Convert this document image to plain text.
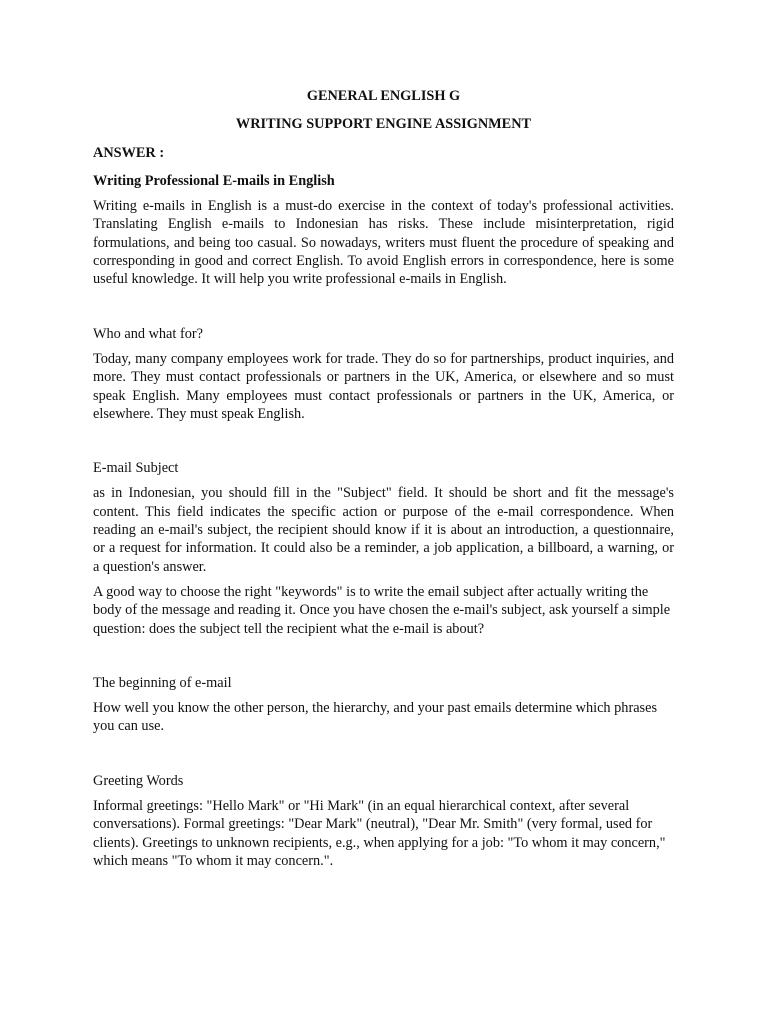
GENERAL ENGLISH G
WRITING SUPPORT ENGINE ASSIGNMENT
ANSWER :
Writing Professional E-mails in English

Writing e-mails in English is a must-do exercise in the context of today's professional activities. Translating English e-mails to Indonesian has risks. These include misinterpretation, rigid formulations, and being too casual. So nowadays, writers must fluent the procedure of speaking and corresponding in good and correct English. To avoid English errors in correspondence, here is some useful knowledge. It will help you write professional e-mails in English.

Who and what for?

Today, many company employees work for trade. They do so for partnerships, product inquiries, and more. They must contact professionals or partners in the UK, America, or elsewhere and so must speak English. Many employees must contact professionals or partners in the UK, America, or elsewhere. They must speak English.

E-mail Subject

as in Indonesian, you should fill in the "Subject" field. It should be short and fit the message's content. This field indicates the specific action or purpose of the e-mail correspondence. When reading an e-mail's subject, the recipient should know if it is about an introduction, a questionnaire, or a request for information. It could also be a reminder, a job application, a billboard, a warning, or a question's answer.

A good way to choose the right "keywords" is to write the email subject after actually writing the body of the message and reading it. Once you have chosen the e-mail's subject, ask yourself a simple question: does the subject tell the recipient what the e-mail is about?

The beginning of e-mail

How well you know the other person, the hierarchy, and your past emails determine which phrases you can use.

Greeting Words

Informal greetings: "Hello Mark" or "Hi Mark" (in an equal hierarchical context, after several conversations). Formal greetings: "Dear Mark" (neutral), "Dear Mr. Smith" (very formal, used for clients). Greetings to unknown recipients, e.g., when applying for a job: "To whom it may concern," which means "To whom it may concern.".
